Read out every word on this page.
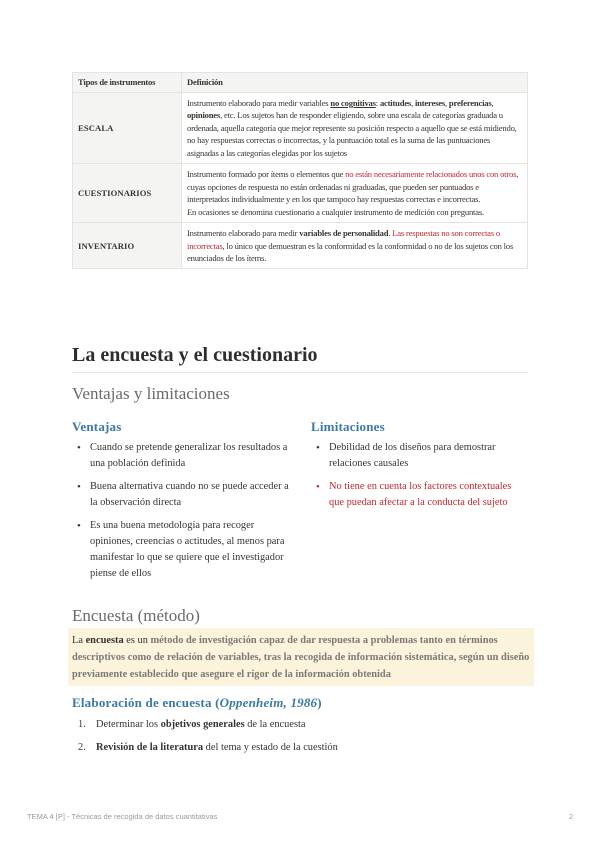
Tipos de instrumentos	Definición
ESCALA	Instrumento elaborado para medir variables no cognitivas: actitudes, intereses, preferencias, opiniones, etc. Los sujetos han de responder eligiendo, sobre una escala de categorías graduada u ordenada, aquella categoría que mejor represente su posición respecto a aquello que se está midiendo, no hay respuestas correctas o incorrectas, y la puntuación total es la suma de las puntuaciones asignadas a las categorías elegidas por los sujetos
CUESTIONARIOS	Instrumento formado por ítems o elementos que no están necesariamente relacionados unos con otros, cuyas opciones de respuesta no están ordenadas ni graduadas, que pueden ser puntuados e interpretados individualmente y en los que tampoco hay respuestas correctas e incorrectas.
En ocasiones se denomina cuestionario a cualquier instrumento de medición con preguntas.
INVENTARIO	Instrumento elaborado para medir variables de personalidad. Las respuestas no son correctas o incorrectas, lo único que demuestran es la conformidad es la conformidad o no de los sujetos con los enunciados de los ítems.
La encuesta y el cuestionario
Ventajas y limitaciones
Ventajas
• Cuando se pretende generalizar los resultados a una población definida
• Buena alternativa cuando no se puede acceder a la observación directa
• Es una buena metodología para recoger opiniones, creencias o actitudes, al menos para manifestar lo que se quiere que el investigador piense de ellos
Limitaciones
• Debilidad de los diseños para demostrar relaciones causales
• No tiene en cuenta los factores contextuales que puedan afectar a la conducta del sujeto
Encuesta (método)
La encuesta es un método de investigación capaz de dar respuesta a problemas tanto en términos descriptivos como de relación de variables, tras la recogida de información sistemática, según un diseño previamente establecido que asegure el rigor de la información obtenida
Elaboración de encuesta (Oppenheim, 1986)
1. Determinar los objetivos generales de la encuesta
2. Revisión de la literatura del tema y estado de la cuestión
TEMA 4 [P] - Técnicas de recogida de datos cuantitativas	2
